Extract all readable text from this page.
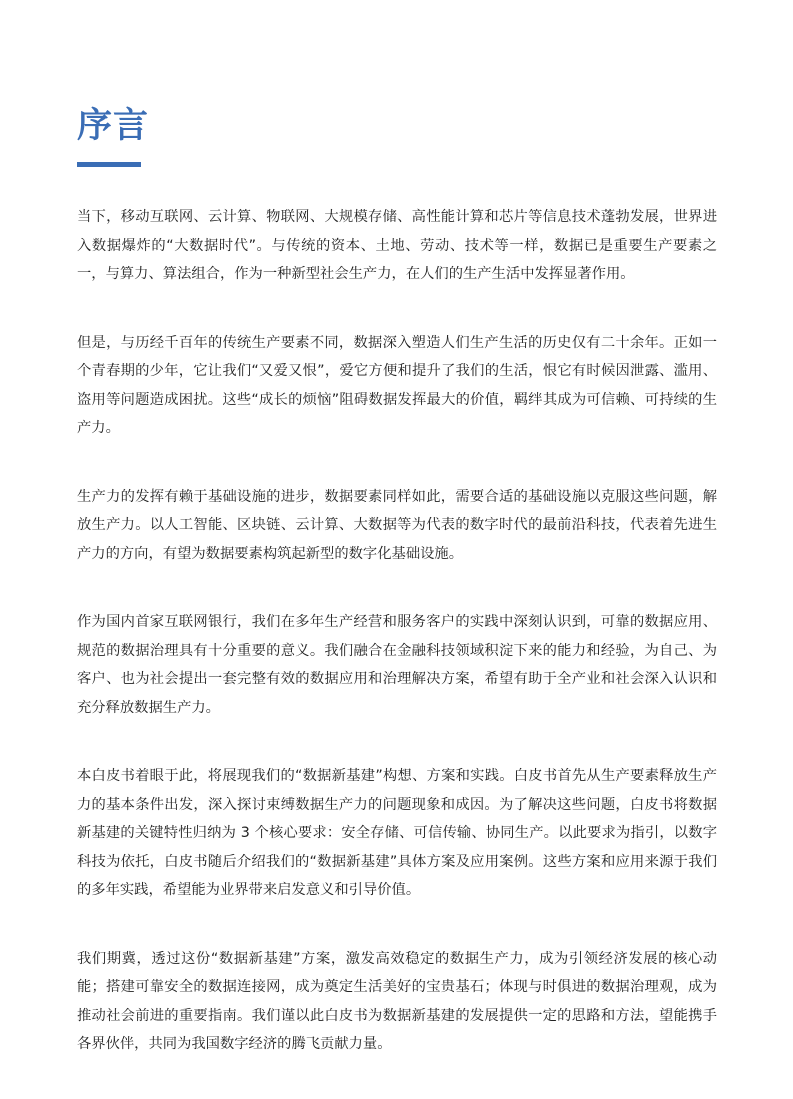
序言

当下，移动互联网、云计算、物联网、大规模存储、高性能计算和芯片等信息技术蓬勃发展，世界进入数据爆炸的“大数据时代”。与传统的资本、土地、劳动、技术等一样，数据已是重要生产要素之一，与算力、算法组合，作为一种新型社会生产力，在人们的生产生活中发挥显著作用。

但是，与历经千百年的传统生产要素不同，数据深入塑造人们生产生活的历史仅有二十余年。正如一个青春期的少年，它让我们“又爱又恨”，爱它方便和提升了我们的生活，恨它有时候因泄露、滥用、盗用等问题造成困扰。这些“成长的烦恼”阻碍数据发挥最大的价值，羁绊其成为可信赖、可持续的生产力。

生产力的发挥有赖于基础设施的进步，数据要素同样如此，需要合适的基础设施以克服这些问题，解放生产力。以人工智能、区块链、云计算、大数据等为代表的数字时代的最前沿科技，代表着先进生产力的方向，有望为数据要素构筑起新型的数字化基础设施。

作为国内首家互联网银行，我们在多年生产经营和服务客户的实践中深刻认识到，可靠的数据应用、规范的数据治理具有十分重要的意义。我们融合在金融科技领域积淀下来的能力和经验，为自己、为客户、也为社会提出一套完整有效的数据应用和治理解决方案，希望有助于全产业和社会深入认识和充分释放数据生产力。

本白皮书着眼于此，将展现我们的“数据新基建”构想、方案和实践。白皮书首先从生产要素释放生产力的基本条件出发，深入探讨束缚数据生产力的问题现象和成因。为了解决这些问题，白皮书将数据新基建的关键特性归纳为 3 个核心要求：安全存储、可信传输、协同生产。以此要求为指引，以数字科技为依托，白皮书随后介绍我们的“数据新基建”具体方案及应用案例。这些方案和应用来源于我们的多年实践，希望能为业界带来启发意义和引导价值。

我们期冀，透过这份“数据新基建”方案，激发高效稳定的数据生产力，成为引领经济发展的核心动能；搭建可靠安全的数据连接网，成为奠定生活美好的宝贵基石；体现与时俱进的数据治理观，成为推动社会前进的重要指南。我们谨以此白皮书为数据新基建的发展提供一定的思路和方法，望能携手各界伙伴，共同为我国数字经济的腾飞贡献力量。
